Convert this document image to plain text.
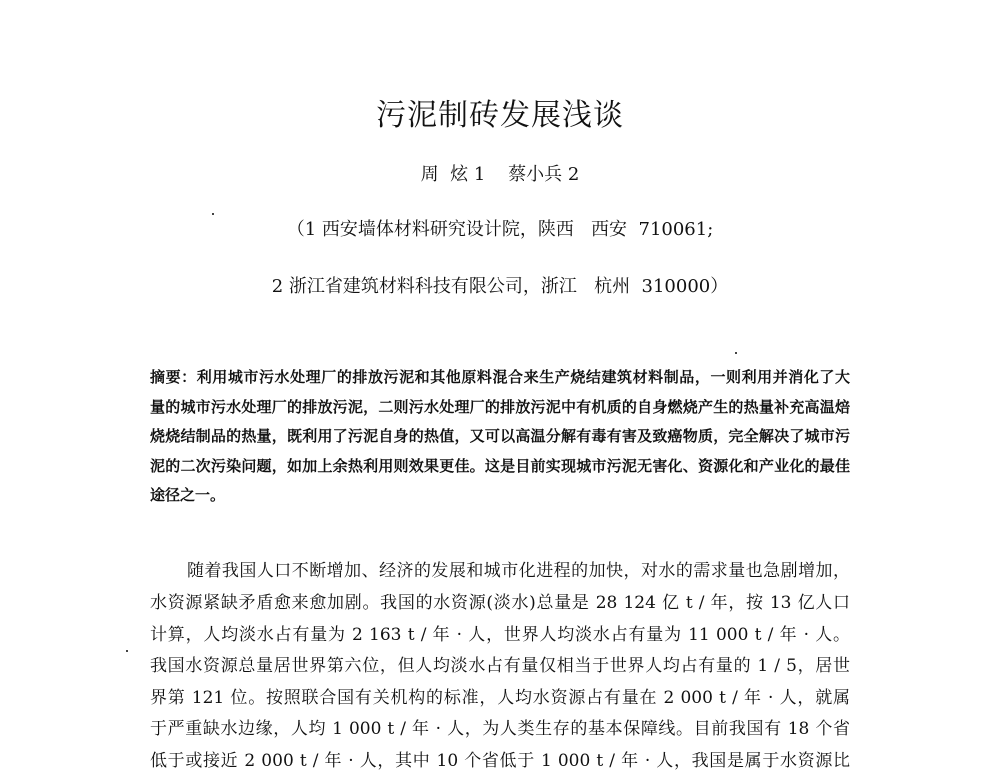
污泥制砖发展浅谈
周  炫 1    蔡小兵 2
（1 西安墙体材料研究设计院，陕西   西安  710061;
2 浙江省建筑材料科技有限公司，浙江   杭州  310000）
摘要：利用城市污水处理厂的排放污泥和其他原料混合来生产烧结建筑材料制品，一则利用并消化了大
量的城市污水处理厂的排放污泥，二则污水处理厂的排放污泥中有机质的自身燃烧产生的热量补充高温焙
烧烧结制品的热量，既利用了污泥自身的热值，又可以高温分解有毒有害及致癌物质，完全解决了城市污
泥的二次污染问题，如加上余热利用则效果更佳。这是目前实现城市污泥无害化、资源化和产业化的最佳
途径之一。
随着我国人口不断增加、经济的发展和城市化进程的加快，对水的需求量也急剧增加，
水资源紧缺矛盾愈来愈加剧。我国的水资源(淡水)总量是 28 124 亿 t / 年，按 13 亿人口
计算，人均淡水占有量为 2 163 t / 年 · 人，世界人均淡水占有量为 11 000 t / 年 · 人。
我国水资源总量居世界第六位，但人均淡水占有量仅相当于世界人均占有量的 1 / 5，居世
界第 121 位。按照联合国有关机构的标准，人均水资源占有量在 2 000 t / 年 · 人，就属
于严重缺水边缘，人均 1 000 t / 年 · 人，为人类生存的基本保障线。目前我国有 18 个省
低于或接近 2 000 t / 年 · 人，其中 10 个省低于 1 000 t / 年 · 人，我国是属于水资源比
